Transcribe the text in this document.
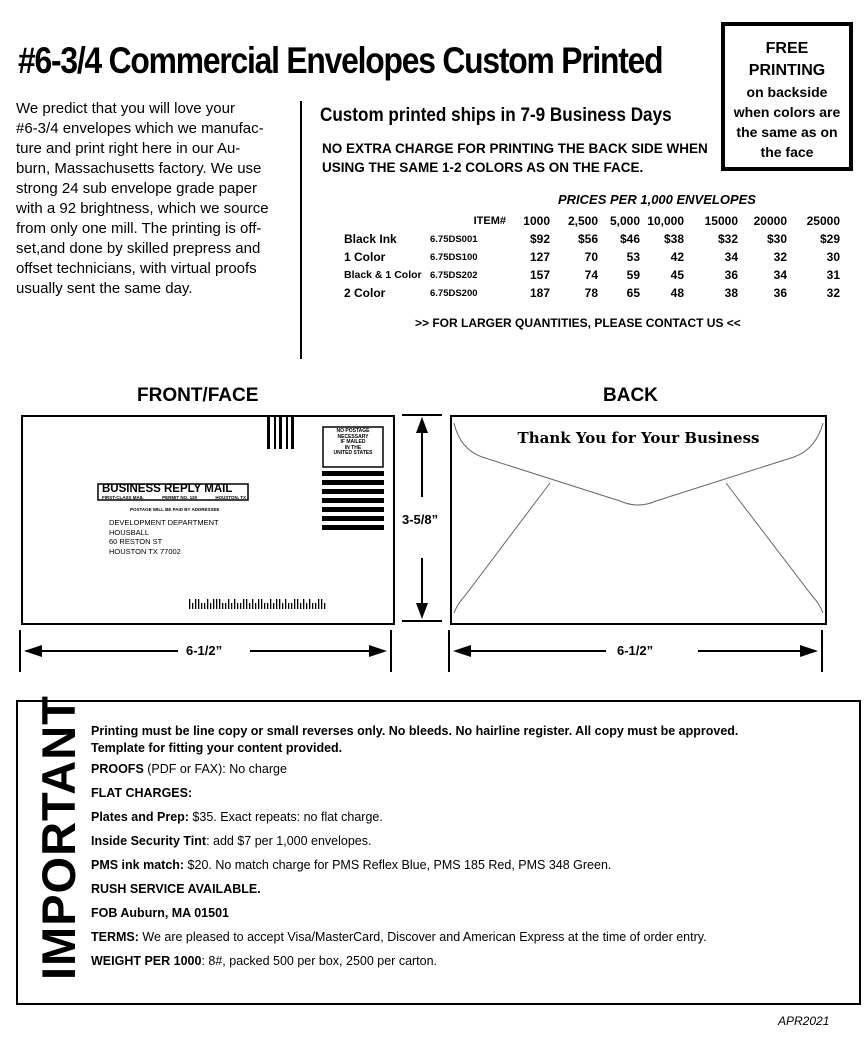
#6-3/4 Commercial Envelopes Custom Printed	FREE
PRINTING
on backside
when colors are
the same as on
the face
We predict that you will love your
#6-3/4 envelopes which we manufac-
ture and print right here in our Au-
burn, Massachusetts factory. We use
strong 24 sub envelope grade paper
with a 92 brightness, which we source
from only one mill. The printing is off-
set,and done by skilled prepress and
offset technicians, with virtual proofs
usually sent the same day.
Custom printed ships in 7-9 Business Days
NO EXTRA CHARGE FOR PRINTING THE BACK SIDE WHEN
USING THE SAME 1-2 COLORS AS ON THE FACE.
PRICES PER 1,000 ENVELOPES
	ITEM#	1000	2,500	5,000	10,000	15000	20000	25000
Black Ink	6.75DS001	$92	$56	$46	$38	$32	$30	$29
1 Color	6.75DS100	127	70	53	42	34	32	30
Black & 1 Color	6.75DS202	157	74	59	45	36	34	31
2 Color	6.75DS200	187	78	65	48	38	36	32
>> FOR LARGER QUANTITIES, PLEASE CONTACT US <<
FRONT/FACE	BACK
NO POSTAGE
NECESSARY
IF MAILED
IN THE
UNITED STATES
BUSINESS REPLY MAIL
FIRST-CLASS MAIL	PERMIT NO. 119	HOUSTON, TX
POSTAGE WILL BE PAID BY ADDRESSEE
DEVELOPMENT DEPARTMENT
HOUSBALL
60 RESTON ST
HOUSTON TX 77002
Thank You for Your Business
3-5/8”
6-1/2”	6-1/2”
IMPORTANT Printing must be line copy or small reverses only. No bleeds. No hairline register. All copy must be approved.
Template for fitting your content provided.
PROOFS (PDF or FAX): No charge
FLAT CHARGES:
Plates and Prep: $35. Exact repeats: no flat charge.
Inside Security Tint: add $7 per 1,000 envelopes.
PMS ink match: $20. No match charge for PMS Reflex Blue, PMS 185 Red, PMS 348 Green.
RUSH SERVICE AVAILABLE.
FOB Auburn, MA 01501
TERMS: We are pleased to accept Visa/MasterCard, Discover and American Express at the time of order entry.
WEIGHT PER 1000: 8#, packed 500 per box, 2500 per carton.
APR2021
